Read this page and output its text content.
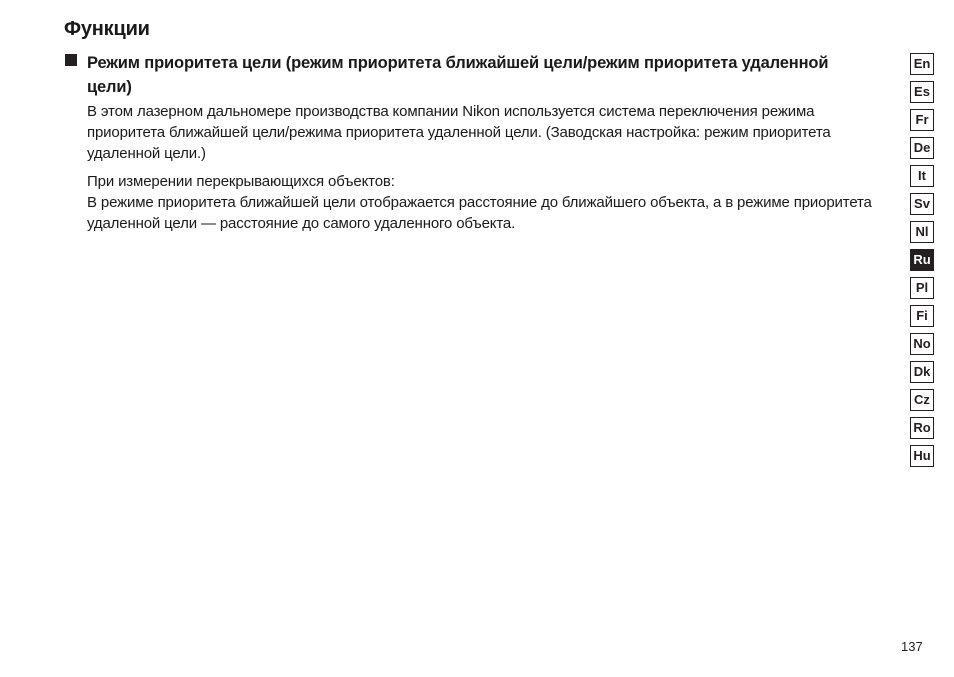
Функции
Режим приоритета цели (режим приоритета ближайшей цели/режим приоритета удаленной цели)

В этом лазерном дальномере производства компании Nikon используется система переключения режима приоритета ближайшей цели/режима приоритета удаленной цели. (Заводская настройка: режим приоритета удаленной цели.)

При измерении перекрывающихся объектов:

В режиме приоритета ближайшей цели отображается расстояние до ближайшего объекта, а в режиме приоритета удаленной цели — расстояние до самого удаленного объекта.

En
Es
Fr
De
It
Sv
Nl
Ru
Pl
Fi
No
Dk
Cz
Ro
Hu
137
